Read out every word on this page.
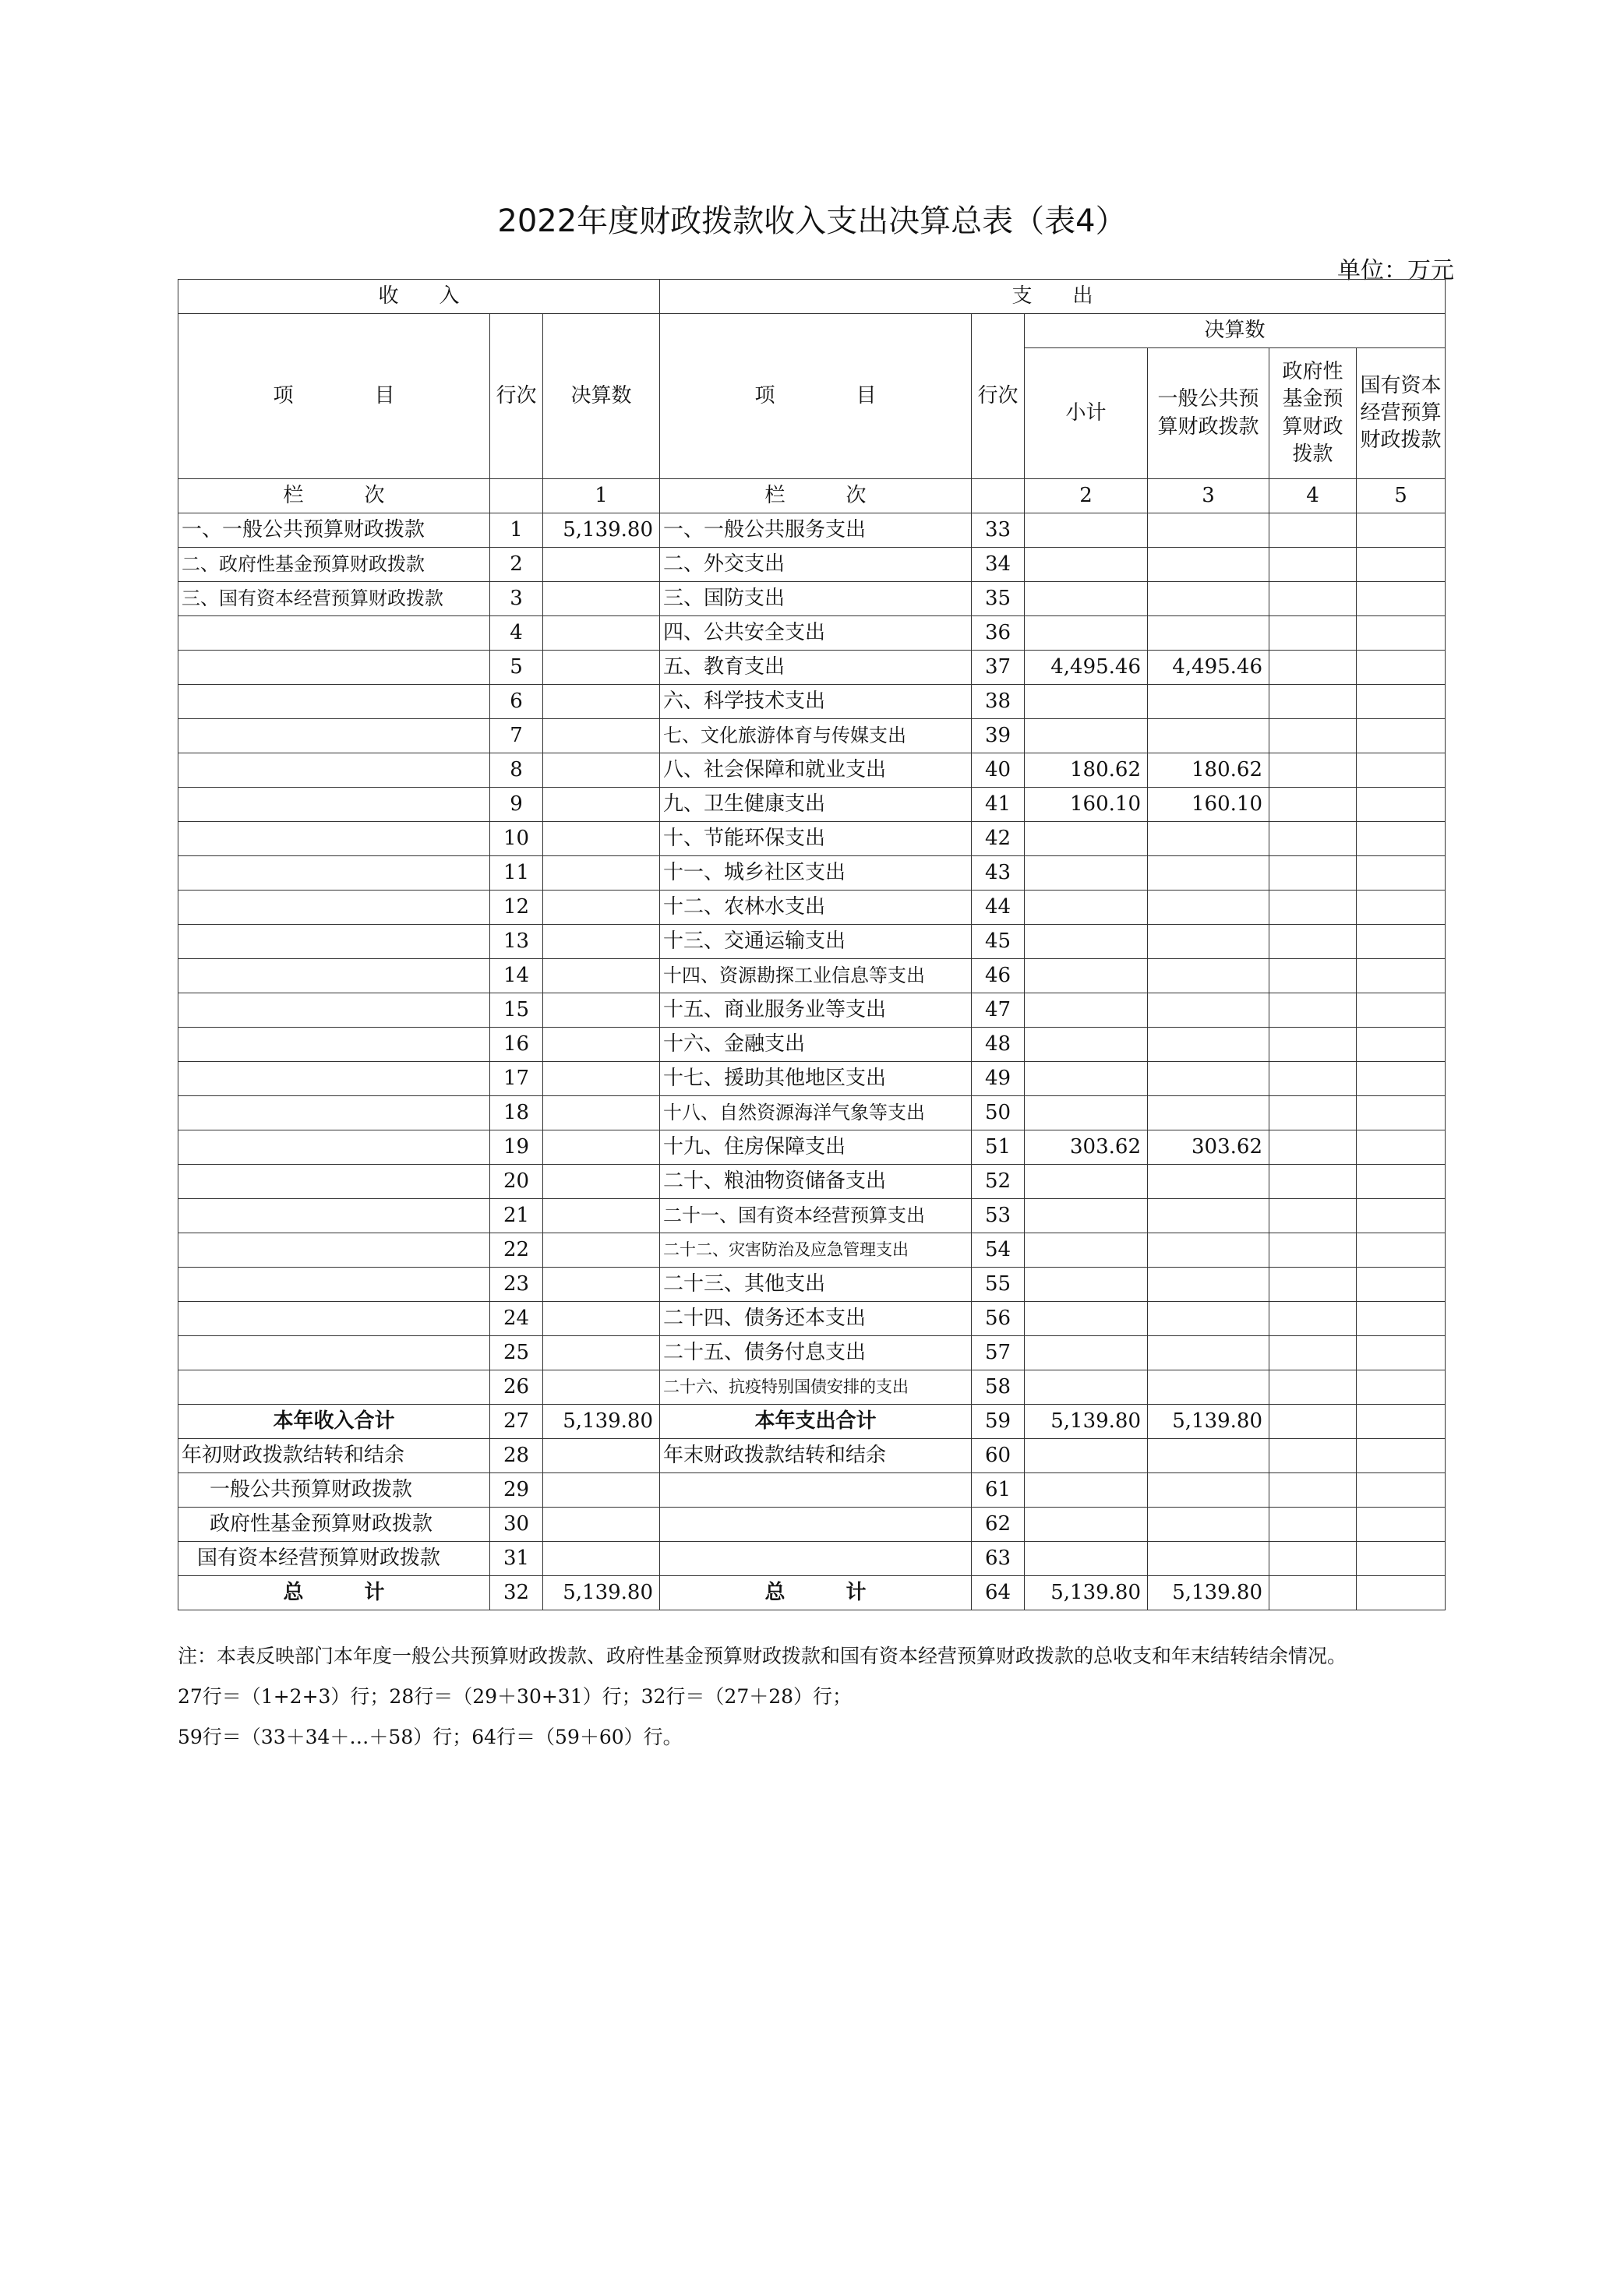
2022年度财政拨款收入支出决算总表（表4）
单位：万元
收　　入			支　　出					
项　　　　目	行次	决算数	项　　　　目	行次	决算数			
					小计	一般公共预算财政拨款	政府性基金预算财政拨款	国有资本经营预算财政拨款
栏　　　次		1	栏　　　次		2	3	4	5
一、一般公共预算财政拨款	1	5,139.80	一、一般公共服务支出	33				
二、政府性基金预算财政拨款	2		二、外交支出	34				
三、国有资本经营预算财政拨款	3		三、国防支出	35				
	4		四、公共安全支出	36				
	5		五、教育支出	37	4,495.46	4,495.46		
	6		六、科学技术支出	38				
	7		七、文化旅游体育与传媒支出	39				
	8		八、社会保障和就业支出	40	180.62	180.62		
	9		九、卫生健康支出	41	160.10	160.10		
	10		十、节能环保支出	42				
	11		十一、城乡社区支出	43				
	12		十二、农林水支出	44				
	13		十三、交通运输支出	45				
	14		十四、资源勘探工业信息等支出	46				
	15		十五、商业服务业等支出	47				
	16		十六、金融支出	48				
	17		十七、援助其他地区支出	49				
	18		十八、自然资源海洋气象等支出	50				
	19		十九、住房保障支出	51	303.62	303.62		
	20		二十、粮油物资储备支出	52				
	21		二十一、国有资本经营预算支出	53				
	22		二十二、灾害防治及应急管理支出	54				
	23		二十三、其他支出	55				
	24		二十四、债务还本支出	56				
	25		二十五、债务付息支出	57				
	26		二十六、抗疫特别国债安排的支出	58				
本年收入合计	27	5,139.80	本年支出合计	59	5,139.80	5,139.80		
年初财政拨款结转和结余	28		年末财政拨款结转和结余	60				
一般公共预算财政拨款	29			61				
政府性基金预算财政拨款	30			62				
国有资本经营预算财政拨款	31			63				
总　　　计	32	5,139.80	总　　　计	64	5,139.80	5,139.80		
注：本表反映部门本年度一般公共预算财政拨款、政府性基金预算财政拨款和国有资本经营预算财政拨款的总收支和年末结转结余情况。
27行＝（1+2+3）行；28行＝（29＋30+31）行；32行＝（27＋28）行；
59行＝（33＋34＋…＋58）行；64行＝（59＋60）行。
